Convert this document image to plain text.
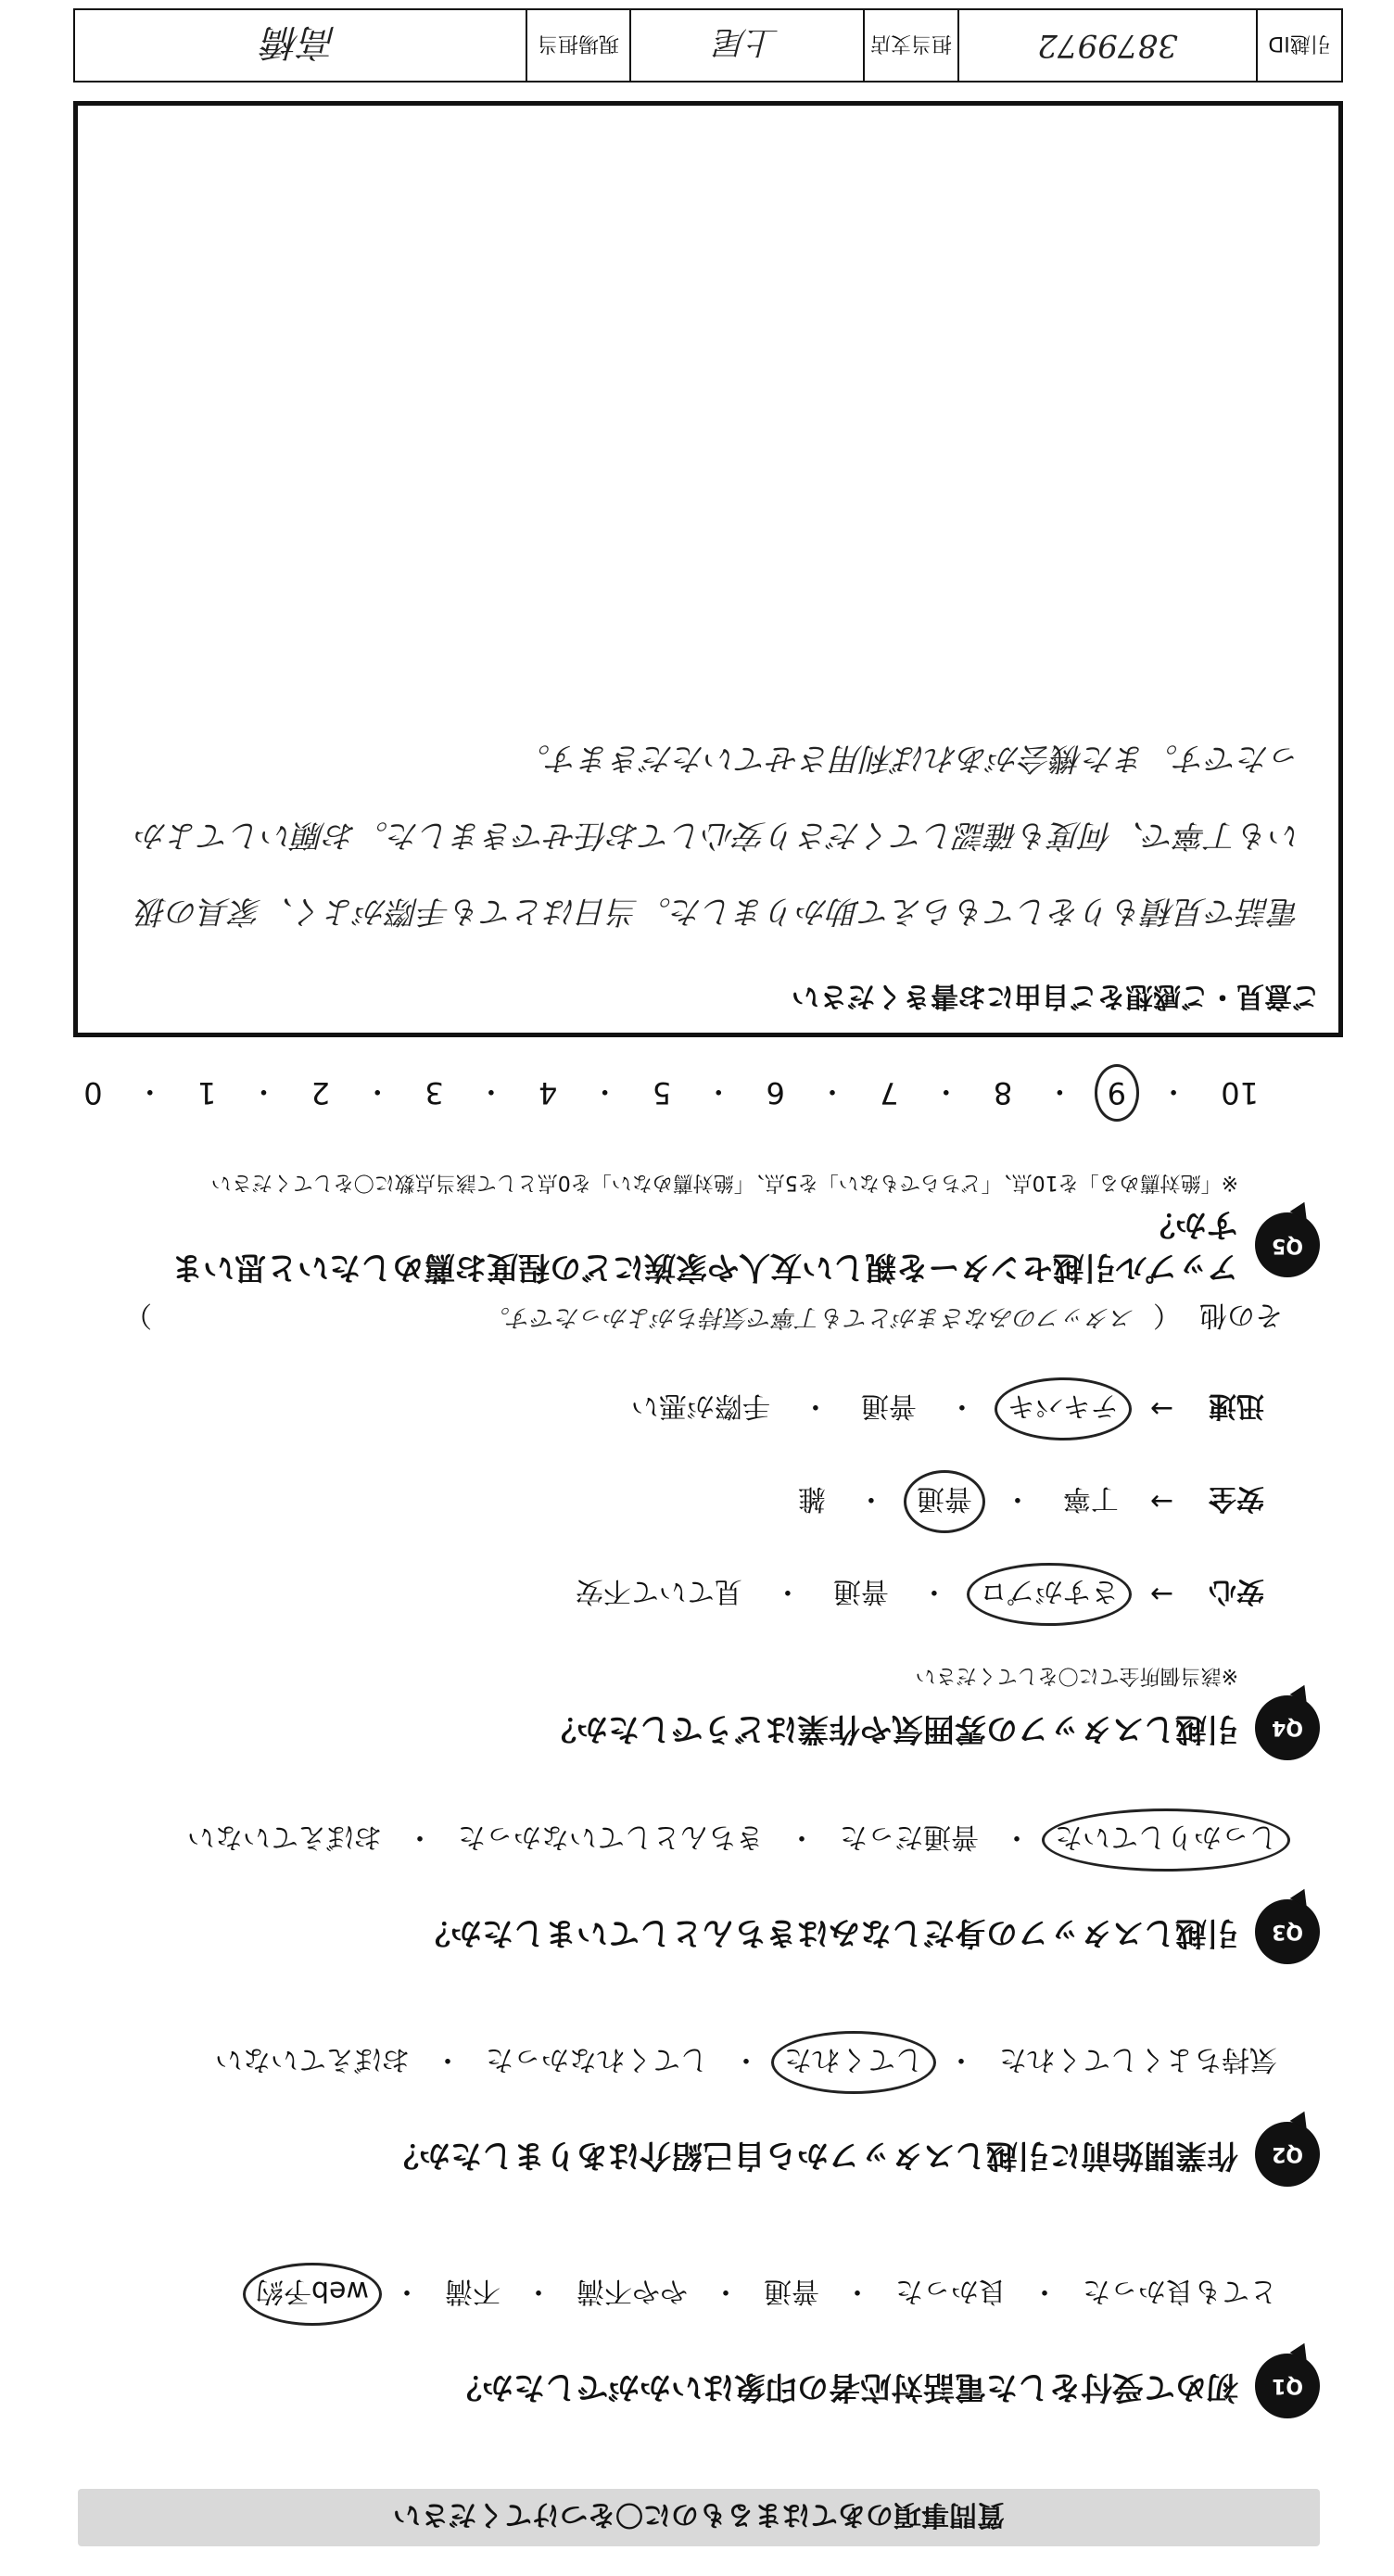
質問事項のあてはまるものに〇をつけてください
Q1
初めて受付をした電話対応者の印象はいかがでしたか？
とても良かった
・
良かった
・
普通
・
やや不満
・
不満
・
web予約
Q2
作業開始前に引越しスタッフから自己紹介はありましたか？
気持ちよくしてくれた
・
してくれた
・
してくれなかった
・
おぼえていない
Q3
引越しスタッフの身だしなみはきちんとしていましたか？
しっかりしていた
・
普通だった
・
きちんとしていなかった
・
おぼえていない
Q4
引越しスタッフの雰囲気や作業はどうでしたか？
※該当個所全てに〇をしてください
安心
→
さすがプロ
・
普通
・
見ていて不安
安全
→
丁寧
・
普通
・
雑
迅速
→
テキパキ
・
普通
・
手際が悪い
その他
（
スタッフのみなさまがとても丁寧で気持ちがよかったです。
）
Q5
アップル引越センターを親しい友人や家族にどの程度お薦めしたいと思いますか？
※「絶対薦める」を10点、「どちらでもない」を5点、「絶対薦めない」を0点として該当点数に〇をしてください
10
・
9
・
8
・
7
・
6
・
5
・
4
・
3
・
2
・
1
・
0
ご意見・ご感想をご自由にお書きください
電話で見積もりをしてもらえて助かりました。当日はとても手際がよく、家具の扱いも丁寧で、何度も確認してくださり安心してお任せできました。お願いしてよかったです。また機会があれば利用させていただきます。
引越ID
3879972
担当支店
上尾
現場担当
高橋
